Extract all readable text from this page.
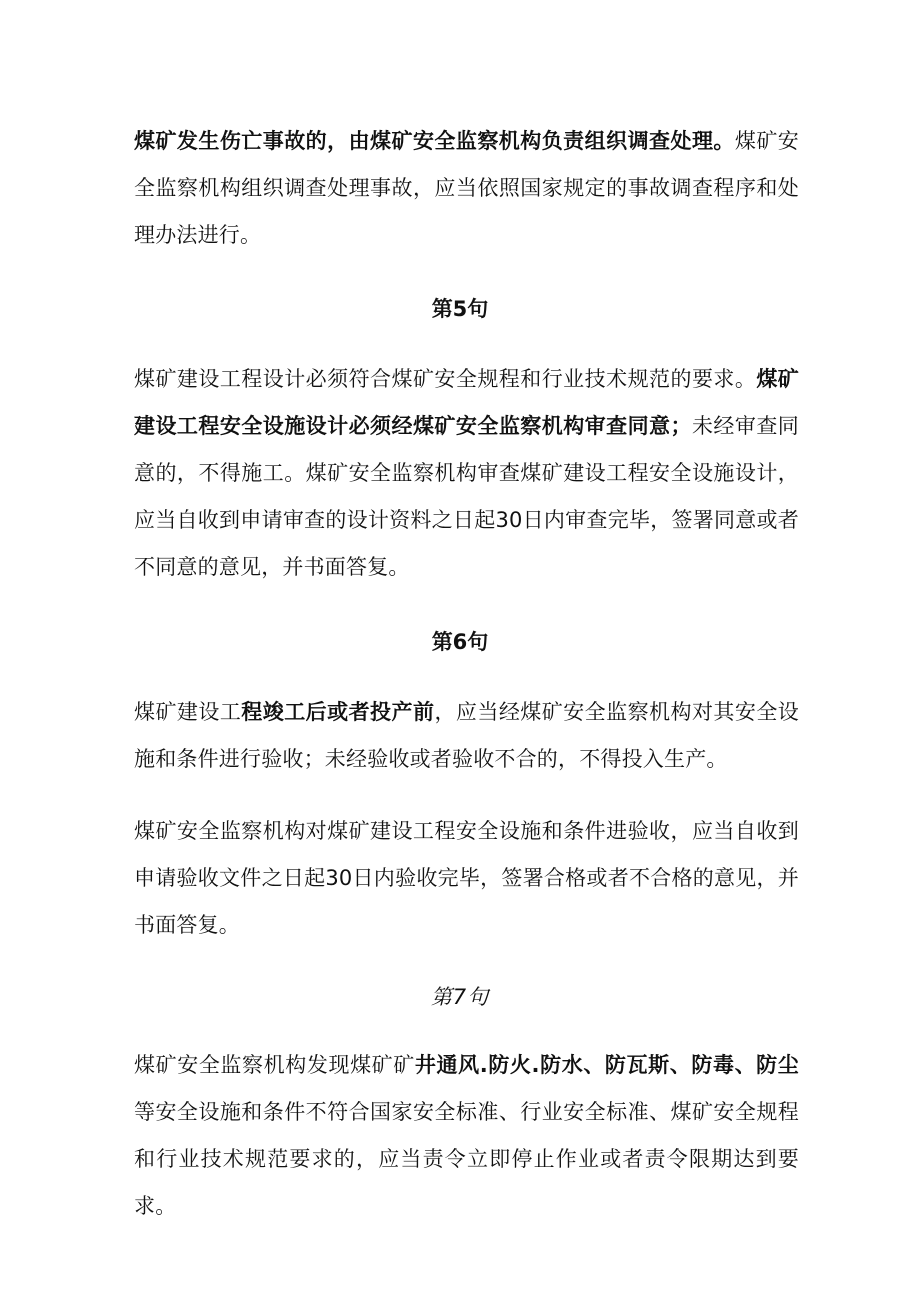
煤矿发生伤亡事故的，由煤矿安全监察机构负责组织调查处理。煤矿安全监察机构组织调查处理事故，应当依照国家规定的事故调查程序和处理办法进行。

第5句

煤矿建设工程设计必须符合煤矿安全规程和行业技术规范的要求。煤矿建设工程安全设施设计必须经煤矿安全监察机构审查同意；未经审查同意的，不得施工。煤矿安全监察机构审查煤矿建设工程安全设施设计，应当自收到申请审查的设计资料之日起30日内审查完毕，签署同意或者不同意的意见，并书面答复。

第6句

煤矿建设工程竣工后或者投产前，应当经煤矿安全监察机构对其安全设施和条件进行验收；未经验收或者验收不合的，不得投入生产。

煤矿安全监察机构对煤矿建设工程安全设施和条件进验收，应当自收到申请验收文件之日起30日内验收完毕，签署合格或者不合格的意见，并书面答复。

第7句

煤矿安全监察机构发现煤矿矿井通风.防火.防水、防瓦斯、防毒、防尘等安全设施和条件不符合国家安全标准、行业安全标准、煤矿安全规程和行业技术规范要求的，应当责令立即停止作业或者责令限期达到要求。
